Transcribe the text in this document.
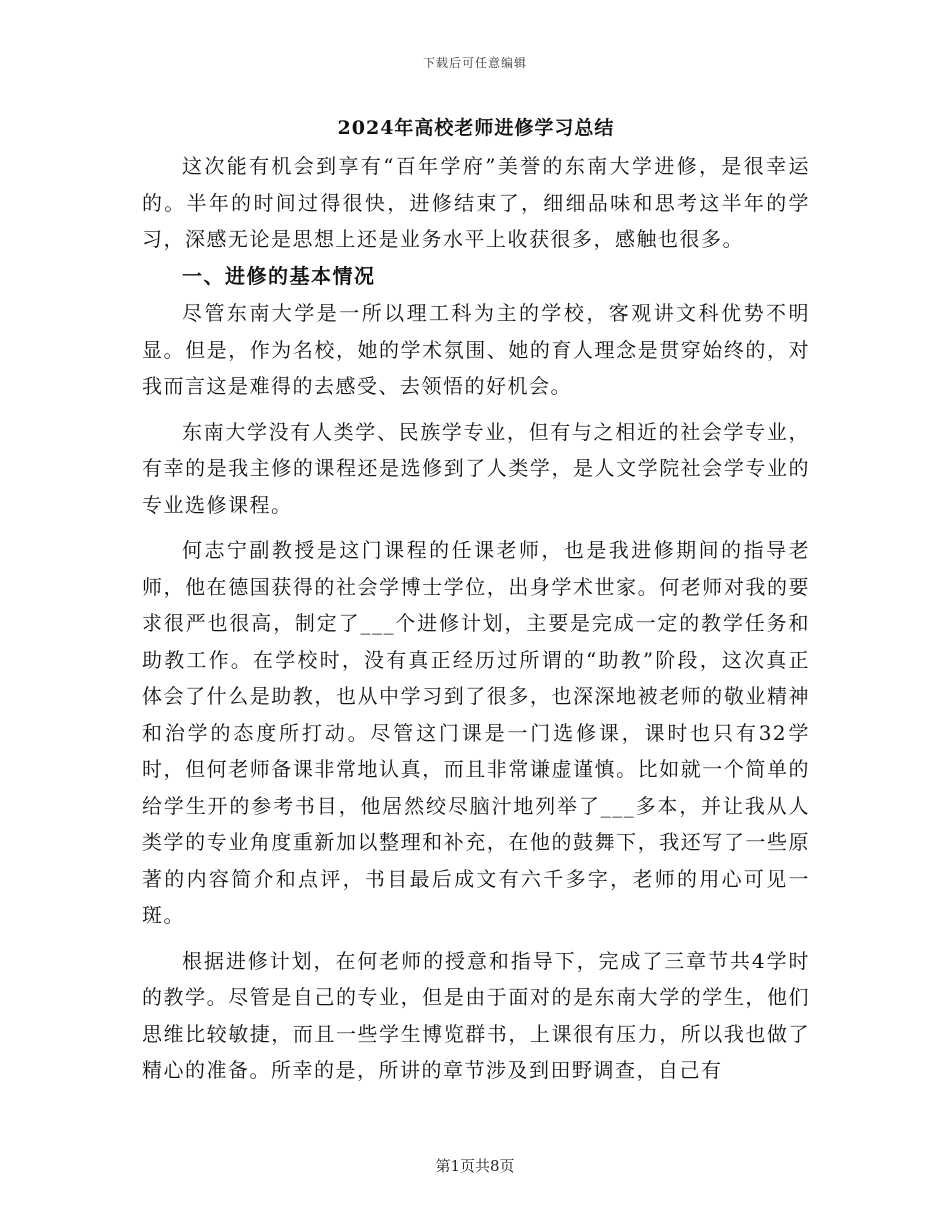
下载后可任意编辑
2024年高校老师进修学习总结

这次能有机会到享有“百年学府”美誉的东南大学进修，是很幸运的。半年的时间过得很快，进修结束了，细细品味和思考这半年的学习，深感无论是思想上还是业务水平上收获很多，感触也很多。

一、进修的基本情况

尽管东南大学是一所以理工科为主的学校，客观讲文科优势不明显。但是，作为名校，她的学术氛围、她的育人理念是贯穿始终的，对我而言这是难得的去感受、去领悟的好机会。

东南大学没有人类学、民族学专业，但有与之相近的社会学专业，有幸的是我主修的课程还是选修到了人类学，是人文学院社会学专业的专业选修课程。

何志宁副教授是这门课程的任课老师，也是我进修期间的指导老师，他在德国获得的社会学博士学位，出身学术世家。何老师对我的要求很严也很高，制定了___个进修计划，主要是完成一定的教学任务和助教工作。在学校时，没有真正经历过所谓的“助教”阶段，这次真正体会了什么是助教，也从中学习到了很多，也深深地被老师的敬业精神和治学的态度所打动。尽管这门课是一门选修课，课时也只有32学时，但何老师备课非常地认真，而且非常谦虚谨慎。比如就一个简单的给学生开的参考书目，他居然绞尽脑汁地列举了___多本，并让我从人类学的专业角度重新加以整理和补充，在他的鼓舞下，我还写了一些原著的内容简介和点评，书目最后成文有六千多字，老师的用心可见一斑。

根据进修计划，在何老师的授意和指导下，完成了三章节共4学时的教学。尽管是自己的专业，但是由于面对的是东南大学的学生，他们思维比较敏捷，而且一些学生博览群书，上课很有压力，所以我也做了精心的准备。所幸的是，所讲的章节涉及到田野调查，自己有

第1页共8页
